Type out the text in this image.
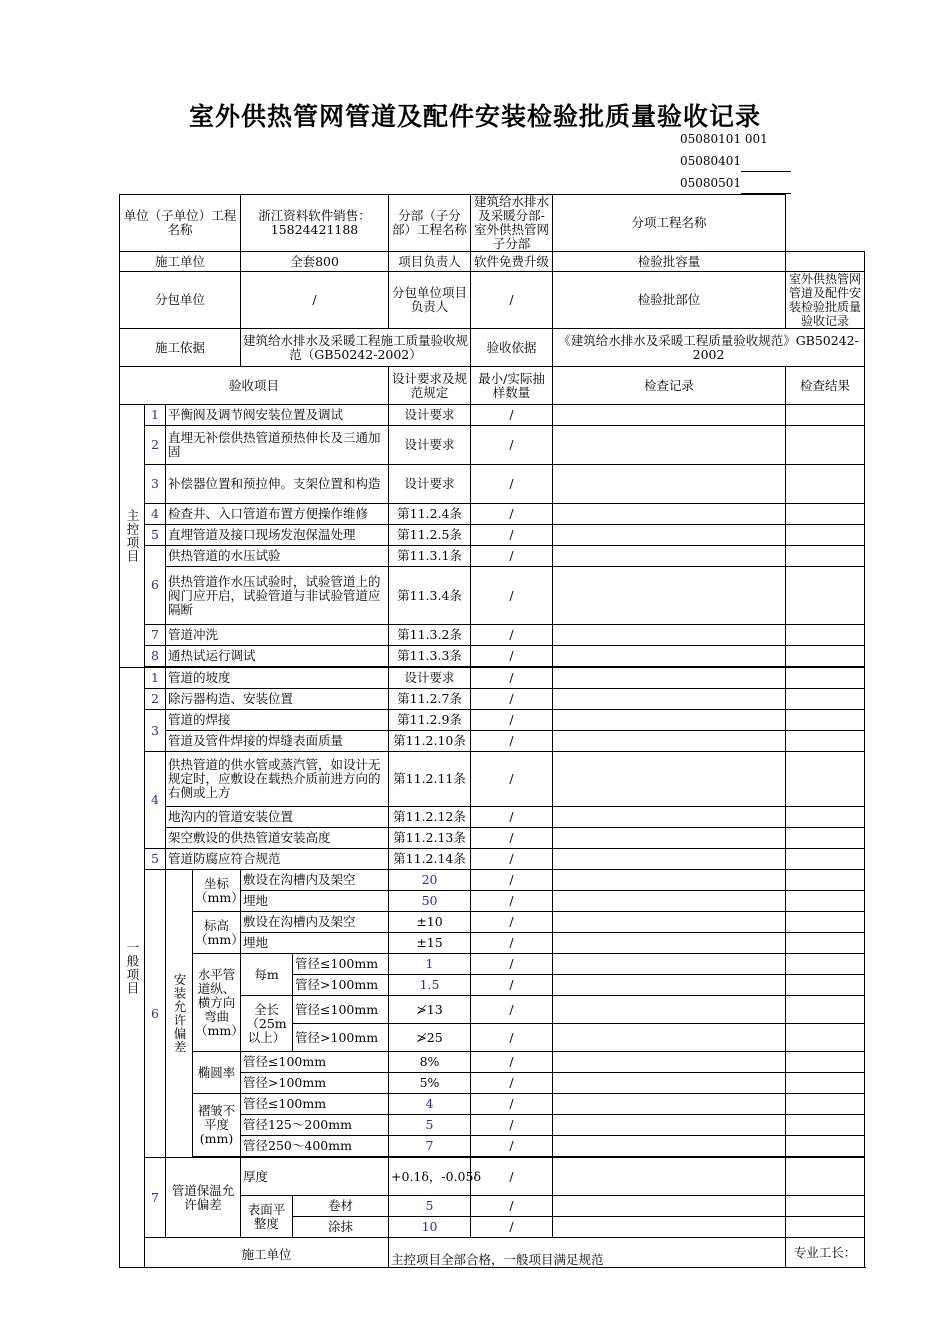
室外供热管网管道及配件安装检验批质量验收记录
05080101 001
05080401
05080501
单位（子单位）工程名称				浙江资料软件销售：15824421188		分部（子分部）工程名称	建筑给水排水及采暖分部-室外供热管网子分部	分项工程名称	
施工单位				全套800		项目负责人	软件免费升级	检验批容量	
分包单位				/		分包单位项目负责人	/	检验批部位	室外供热管网管道及配件安装检验批质量验收记录
施工依据				建筑给水排水及采暖工程施工质量验收规范（GB50242-2002）			验收依据	《建筑给水排水及采暖工程质量验收规范》GB50242-2002	
验收项目						设计要求及规范规定	最小/实际抽样数量	检查记录	检查结果
主控项目	1	平衡阀及调节阀安装位置及调试				设计要求	/		
	2	直埋无补偿供热管道预热伸长及三通加固				设计要求	/		
	3	补偿器位置和预拉伸。支架位置和构造				设计要求	/		
	4	检查井、入口管道布置方便操作维修				第11.2.4条	/		
	5	直埋管道及接口现场发泡保温处理				第11.2.5条	/		
	6	供热管道的水压试验				第11.3.1条	/		
		供热管道作水压试验时，试验管道上的阀门应开启，试验管道与非试验管道应隔断				第11.3.4条	/		
	7	管道冲洗				第11.3.2条	/		
	8	通热试运行调试				第11.3.3条	/		

一般项目	1	管道的坡度				设计要求	/		
	2	除污器构造、安装位置				第11.2.7条	/		
	3	管道的焊接				第11.2.9条	/		
		管道及管件焊接的焊缝表面质量				第11.2.10条	/		
	4	供热管道的供水管或蒸汽管，如设计无规定时，应敷设在载热介质前进方向的右侧或上方				第11.2.11条	/		
		地沟内的管道安装位置				第11.2.12条	/		
		架空敷设的供热管道安装高度				第11.2.13条	/		
	5	管道防腐应符合规范				第11.2.14条	/		
	6	安装允许偏差	坐标（mm）	敷设在沟槽内及架空		20	/		
				埋地		50	/		
			标高（mm）	敷设在沟槽内及架空		±10	/		
				埋地		±15	/		
			水平管道纵、横方向弯曲（mm）	每m	管径≤100mm	1	/		
					管径>100mm	1.5	/		
				全长（25m以上）	管径≤100mm	≯13	/		
					管径>100mm	≯25	/		
			椭圆率	管径≤100mm		8%	/		
				管径>100mm		5%	/		
			褶皱不平度(mm)	管径≤100mm		4	/		
				管径125～200mm		5	/		
				管径250～400mm		7	/		

	7	管道保温允许偏差		厚度		+0.1δ，-0.05δ	/		
				表面平整度	卷材	5	/		
					涂抹	10	/		
	施工单位					主控项目全部合格，一般项目满足规范			专业工长：
